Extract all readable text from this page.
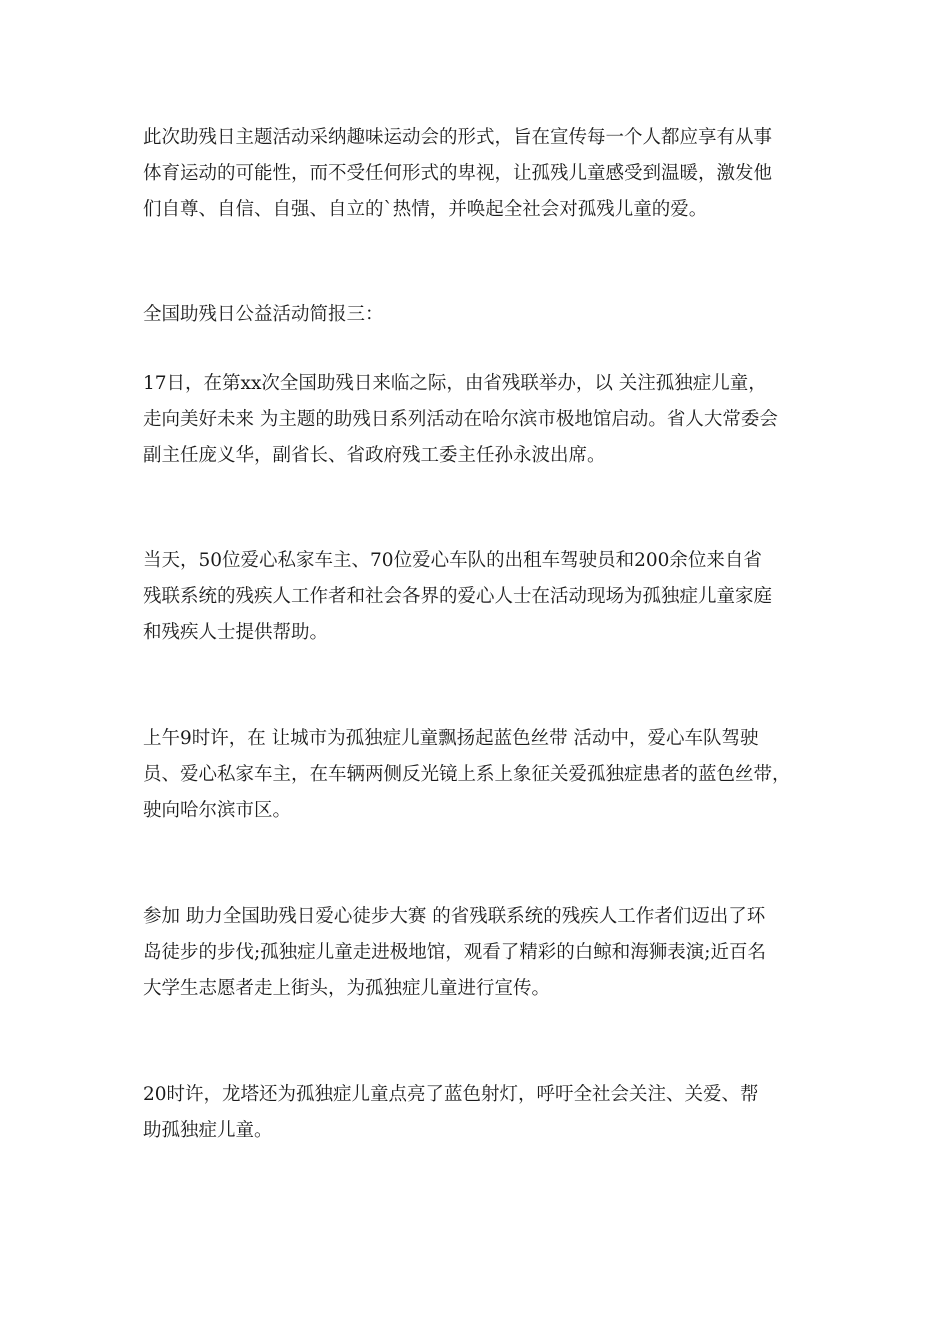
此次助残日主题活动采纳趣味运动会的形式，旨在宣传每一个人都应享有从事
体育运动的可能性，而不受任何形式的卑视，让孤残儿童感受到温暖，激发他
们自尊、自信、自强、自立的`热情，并唤起全社会对孤残儿童的爱。
全国助残日公益活动简报三：
17日，在第xx次全国助残日来临之际，由省残联举办，以 关注孤独症儿童，
走向美好未来 为主题的助残日系列活动在哈尔滨市极地馆启动。省人大常委会
副主任庞义华，副省长、省政府残工委主任孙永波出席。
当天，50位爱心私家车主、70位爱心车队的出租车驾驶员和200余位来自省
残联系统的残疾人工作者和社会各界的爱心人士在活动现场为孤独症儿童家庭
和残疾人士提供帮助。
上午9时许，在 让城市为孤独症儿童飘扬起蓝色丝带 活动中，爱心车队驾驶
员、爱心私家车主，在车辆两侧反光镜上系上象征关爱孤独症患者的蓝色丝带，
驶向哈尔滨市区。
参加 助力全国助残日爱心徒步大赛 的省残联系统的残疾人工作者们迈出了环
岛徒步的步伐;孤独症儿童走进极地馆，观看了精彩的白鲸和海狮表演;近百名
大学生志愿者走上街头，为孤独症儿童进行宣传。
20时许，龙塔还为孤独症儿童点亮了蓝色射灯，呼吁全社会关注、关爱、帮
助孤独症儿童。
